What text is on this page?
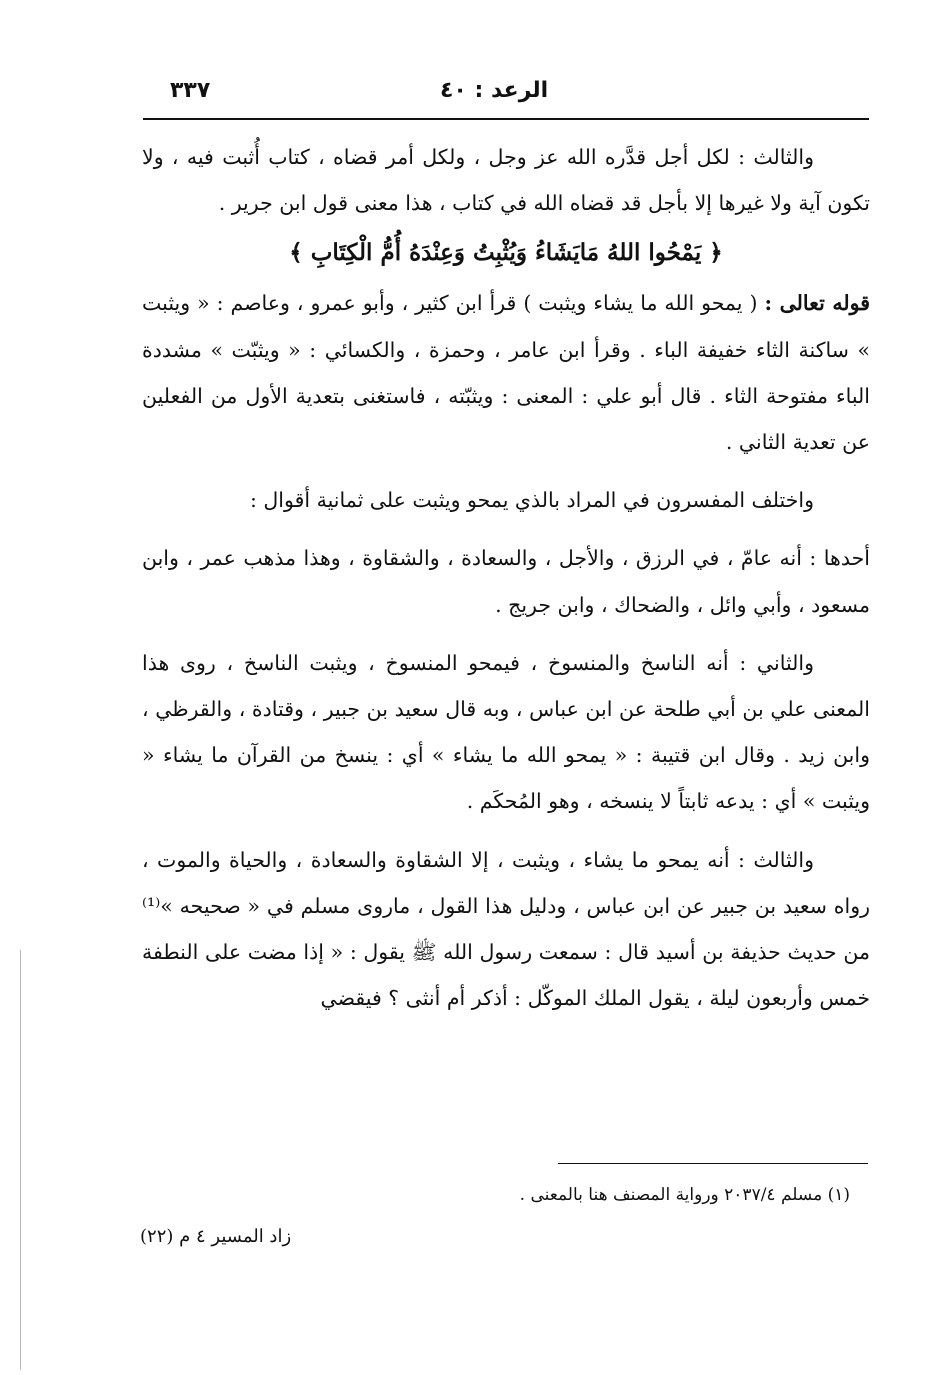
٣٣٧	الرعد : ٤٠

والثالث : لكل أجل قدَّره الله عز وجل ، ولكل أمر قضاه ، كتاب أُثبت فيه ، ولا تكون آية ولا غيرها إلا بأجل قد قضاه الله في كتاب ، هذا معنى قول ابن جرير .

﴿ يَمْحُوا اللهُ مَايَشَاءُ وَيُثْبِتُ وَعِنْدَهُ أُمُّ الْكِتَابِ ﴾

قوله تعالى : ( يمحو الله ما يشاء ويثبت ) قرأ ابن كثير ، وأبو عمرو ، وعاصم : « ويثبت » ساكنة الثاء خفيفة الباء . وقرأ ابن عامر ، وحمزة ، والكسائي : « ويثبّت » مشددة الباء مفتوحة الثاء . قال أبو علي : المعنى : ويثبّته ، فاستغنى بتعدية الأول من الفعلين عن تعدية الثاني .

واختلف المفسرون في المراد بالذي يمحو ويثبت على ثمانية أقوال :

أحدها : أنه عامّ ، في الرزق ، والأجل ، والسعادة ، والشقاوة ، وهذا مذهب عمر ، وابن مسعود ، وأبي وائل ، والضحاك ، وابن جريج .

والثاني : أنه الناسخ والمنسوخ ، فيمحو المنسوخ ، ويثبت الناسخ ، روى هذا المعنى علي بن أبي طلحة عن ابن عباس ، وبه قال سعيد بن جبير ، وقتادة ، والقرظي ، وابن زيد . وقال ابن قتيبة : « يمحو الله ما يشاء » أي : ينسخ من القرآن ما يشاء « ويثبت » أي : يدعه ثابتاً لا ينسخه ، وهو المُحكَم .

والثالث : أنه يمحو ما يشاء ، ويثبت ، إلا الشقاوة والسعادة ، والحياة والموت ، رواه سعيد بن جبير عن ابن عباس ، ودليل هذا القول ، ماروى مسلم في « صحيحه »⁽¹⁾ من حديث حذيفة بن أسيد قال : سمعت رسول الله ﷺ يقول : « إذا مضت على النطفة خمس وأربعون ليلة ، يقول الملك الموكّل : أذكر أم أنثى ؟ فيقضي

(١) مسلم ٢٠٣٧/٤ ورواية المصنف هنا بالمعنى .
زاد المسير ٤ م (٢٢)
